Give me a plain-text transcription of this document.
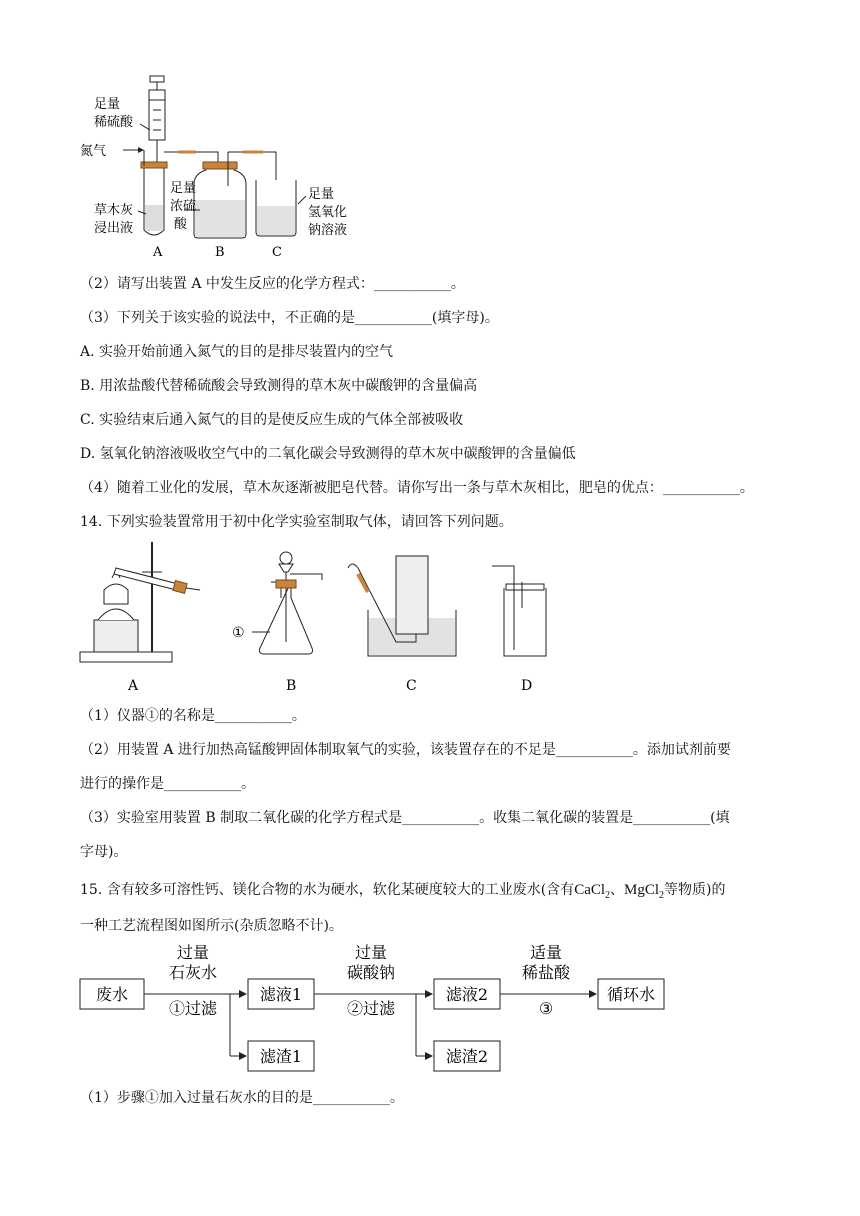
足量
稀硫酸
氮气
草木灰
浸出液
足量
浓硫
酸
足量
氢氧化
钠溶液
A	B	C
（2）请写出装置 A 中发生反应的化学方程式：___________。
（3）下列关于该实验的说法中，不正确的是___________(填字母)。
A. 实验开始前通入氮气的目的是排尽装置内的空气
B. 用浓盐酸代替稀硫酸会导致测得的草木灰中碳酸钾的含量偏高
C. 实验结束后通入氮气的目的是使反应生成的气体全部被吸收
D. 氢氧化钠溶液吸收空气中的二氧化碳会导致测得的草木灰中碳酸钾的含量偏低
（4）随着工业化的发展，草木灰逐渐被肥皂代替。请你写出一条与草木灰相比，肥皂的优点：___________。
14. 下列实验装置常用于初中化学实验室制取气体，请回答下列问题。
①
A	B	C	D
（1）仪器①的名称是___________。
（2）用装置 A 进行加热高锰酸钾固体制取氧气的实验，该装置存在的不足是___________。添加试剂前要
进行的操作是___________。
（3）实验室用装置 B 制取二氧化碳的化学方程式是___________。收集二氧化碳的装置是___________(填
字母)。
15. 含有较多可溶性钙、镁化合物的水为硬水，软化某硬度较大的工业废水(含有CaCl$_2$、MgCl$_2$等物质)的
一种工艺流程图如图所示(杂质忽略不计)。
废水	滤液1
滤渣1
滤液2
滤渣2
循环水
过量
石灰水
①过滤
过量
碳酸钠
②过滤
适量
稀盐酸
③
（1）步骤①加入过量石灰水的目的是___________。
